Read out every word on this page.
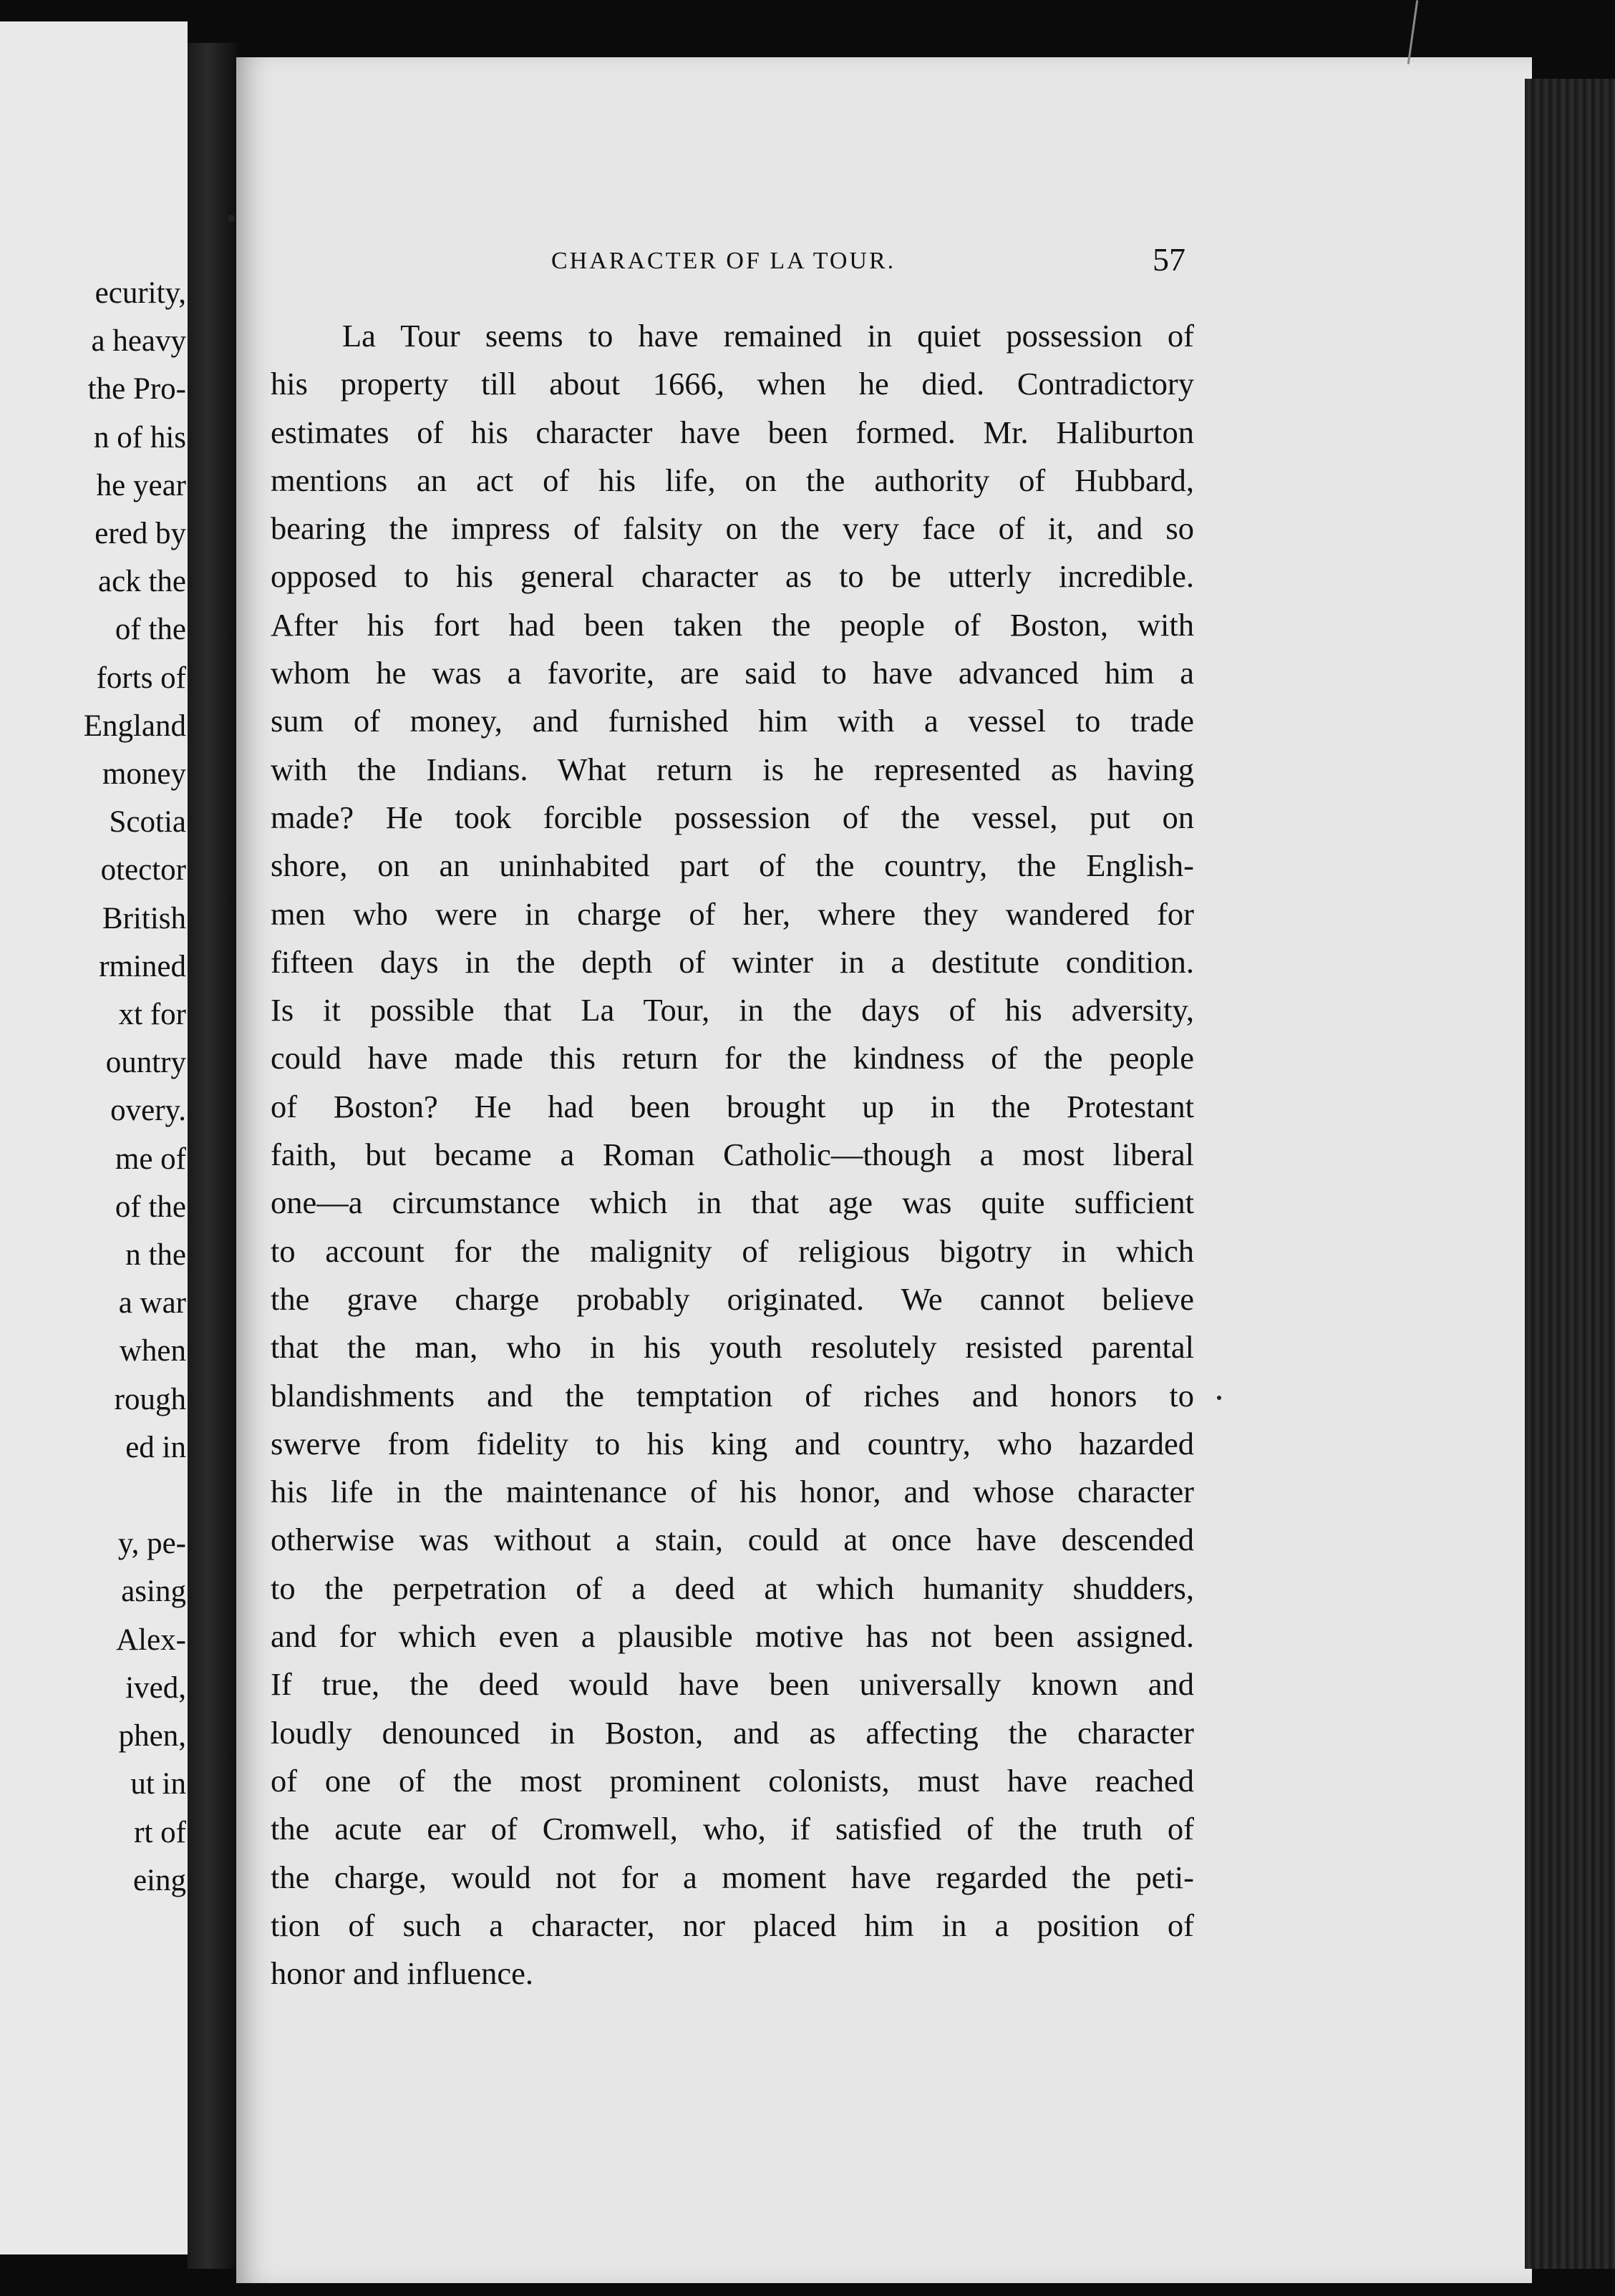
ecurity,
a heavy
the Pro-
n of his
he year
ered by
ack the
of the
forts of
England
money
Scotia
otector
British
rmined
xt for
ountry
overy.
me of
of the
n the
a war
when
rough
ed in

y, pe-
asing
Alex-
ived,
phen,
ut in
rt of
eing
CHARACTER OF LA TOUR.	57
La Tour seems to have remained in quiet possession of
his property till about 1666, when he died. Contradictory
estimates of his character have been formed. Mr. Haliburton
mentions an act of his life, on the authority of Hubbard,
bearing the impress of falsity on the very face of it, and so
opposed to his general character as to be utterly incredible.
After his fort had been taken the people of Boston, with
whom he was a favorite, are said to have advanced him a
sum of money, and furnished him with a vessel to trade
with the Indians. What return is he represented as having
made? He took forcible possession of the vessel, put on
shore, on an uninhabited part of the country, the English-
men who were in charge of her, where they wandered for
fifteen days in the depth of winter in a destitute condition.
Is it possible that La Tour, in the days of his adversity,
could have made this return for the kindness of the people
of Boston? He had been brought up in the Protestant
faith, but became a Roman Catholic—though a most liberal
one—a circumstance which in that age was quite sufficient
to account for the malignity of religious bigotry in which
the grave charge probably originated. We cannot believe
that the man, who in his youth resolutely resisted parental
blandishments and the temptation of riches and honors to
swerve from fidelity to his king and country, who hazarded
his life in the maintenance of his honor, and whose character
otherwise was without a stain, could at once have descended
to the perpetration of a deed at which humanity shudders,
and for which even a plausible motive has not been assigned.
If true, the deed would have been universally known and
loudly denounced in Boston, and as affecting the character
of one of the most prominent colonists, must have reached
the acute ear of Cromwell, who, if satisfied of the truth of
the charge, would not for a moment have regarded the peti-
tion of such a character, nor placed him in a position of
honor and influence.
